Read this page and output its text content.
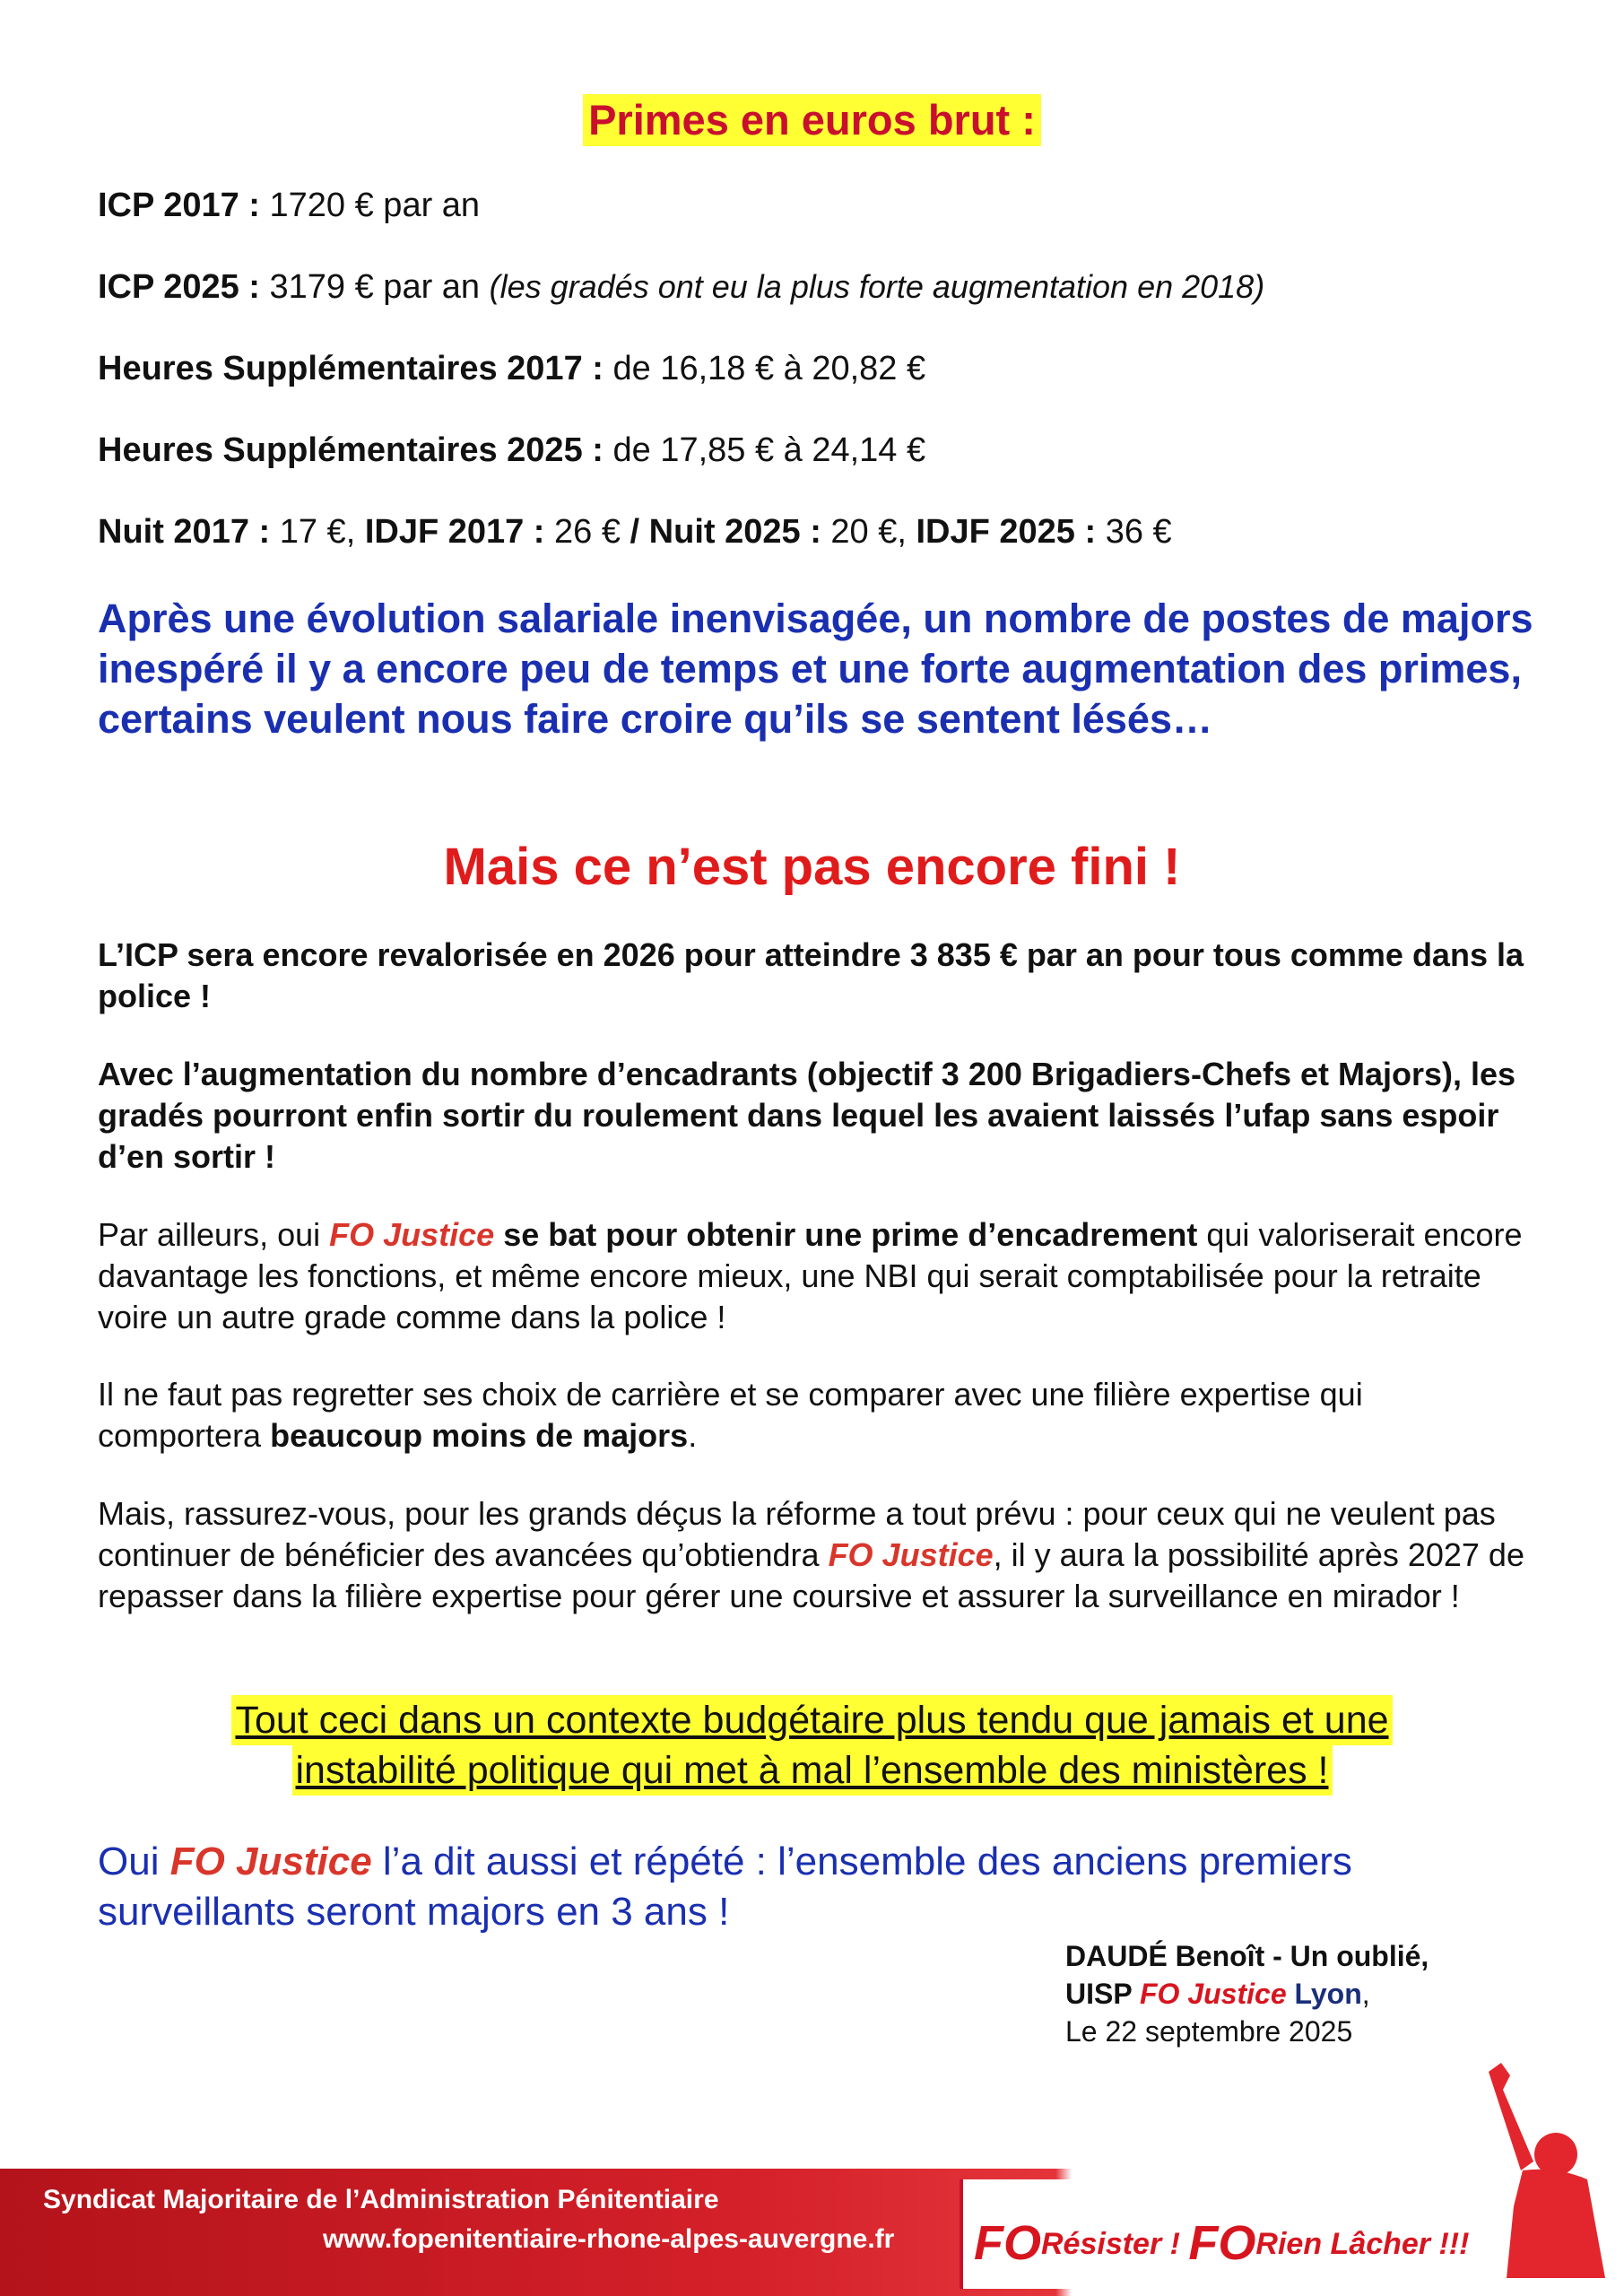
Primes en euros brut :
ICP 2017 : 1720 € par an
ICP 2025 : 3179 € par an (les gradés ont eu la plus forte augmentation en 2018)
Heures Supplémentaires 2017 : de 16,18 € à 20,82 €
Heures Supplémentaires 2025 : de 17,85 € à 24,14 €
Nuit 2017 : 17 €, IDJF 2017 : 26 € / Nuit 2025 : 20 €, IDJF 2025 : 36 €
Après une évolution salariale inenvisagée, un nombre de postes de majors inespéré il y a encore peu de temps et une forte augmentation des primes, certains veulent nous faire croire qu’ils se sentent lésés…
Mais ce n’est pas encore fini !
L’ICP sera encore revalorisée en 2026 pour atteindre 3 835 € par an pour tous comme dans la police !
Avec l’augmentation du nombre d’encadrants (objectif 3 200 Brigadiers-Chefs et Majors), les gradés pourront enfin sortir du roulement dans lequel les avaient laissés l’ufap sans espoir d’en sortir !
Par ailleurs, oui FO Justice se bat pour obtenir une prime d’encadrement qui valoriserait encore davantage les fonctions, et même encore mieux, une NBI qui serait comptabilisée pour la retraite voire un autre grade comme dans la police !
Il ne faut pas regretter ses choix de carrière et se comparer avec une filière expertise qui comportera beaucoup moins de majors.
Mais, rassurez-vous, pour les grands déçus la réforme a tout prévu : pour ceux qui ne veulent pas continuer de bénéficier des avancées qu’obtiendra FO Justice, il y aura la possibilité après 2027 de repasser dans la filière expertise pour gérer une coursive et assurer la surveillance en mirador !
Tout ceci dans un contexte budgétaire plus tendu que jamais et une
instabilité politique qui met à mal l’ensemble des ministères !
Oui FO Justice l’a dit aussi et répété : l’ensemble des anciens premiers surveillants seront majors en 3 ans !
DAUDÉ Benoît - Un oublié,
UISP FO Justice Lyon,
Le 22 septembre 2025
Syndicat Majoritaire de l’Administration Pénitentiaire
www.fopenitentiaire-rhone-alpes-auvergne.fr FORésister ! FORien Lâcher !!!
